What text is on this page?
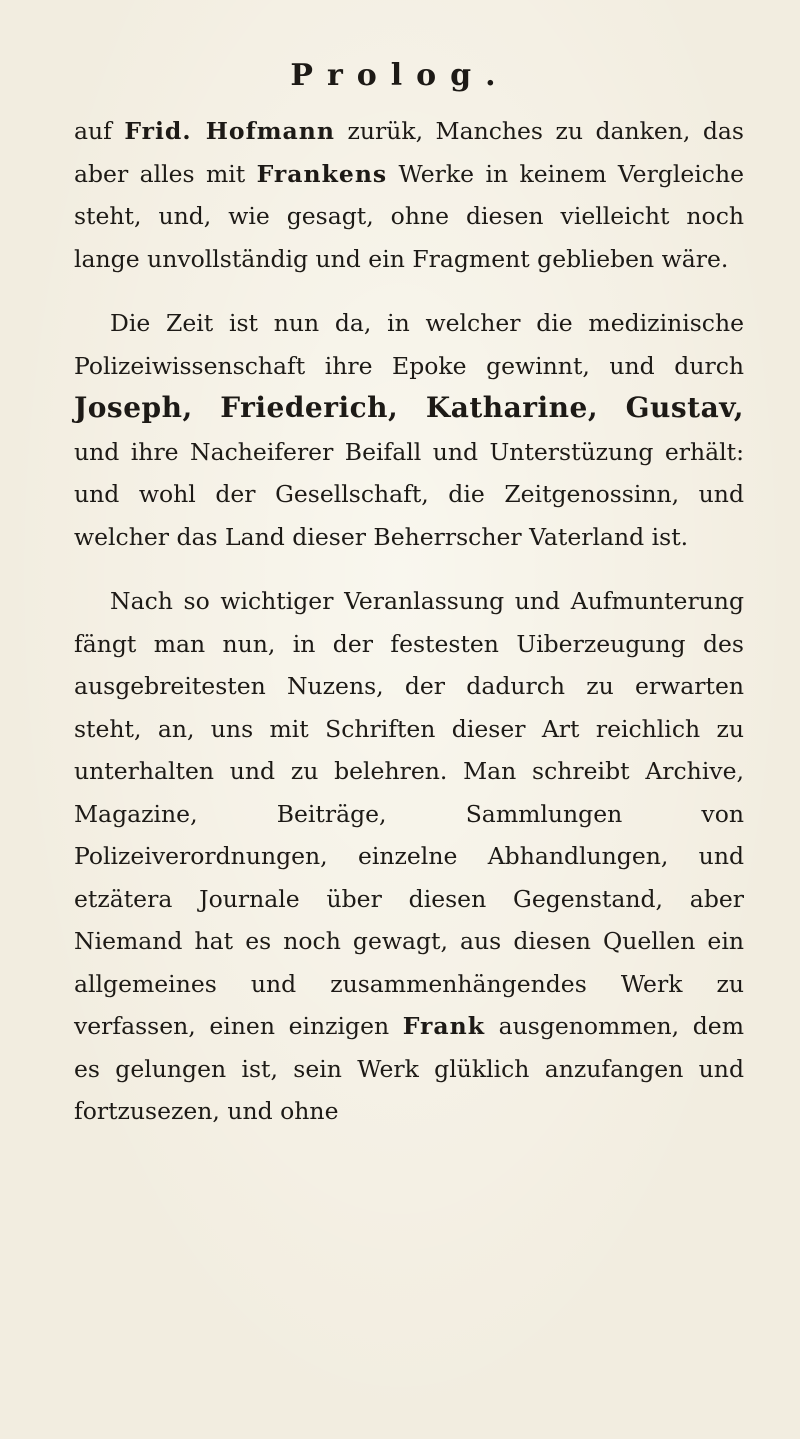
Prolog.

auf Frid. Hofmann zurük, Manches zu danken, das aber alles mit Frankens Werke in keinem Vergleiche steht, und, wie gesagt, ohne diesen vielleicht noch lange unvollständig und ein Fragment geblieben wäre.

Die Zeit ist nun da, in welcher die medizinische Polizeiwissenschaft ihre Epoke gewinnt, und durch Joseph, Friederich, Katharine, Gustav, und ihre Nacheiferer Beifall und Unterstüzung erhält: und wohl der Gesellschaft, die Zeitgenossinn, und welcher das Land dieser Beherrscher Vaterland ist.

Nach so wichtiger Veranlassung und Aufmunterung fängt man nun, in der festesten Uiberzeugung des ausgebreitesten Nuzens, der dadurch zu erwarten steht, an, uns mit Schriften dieser Art reichlich zu unterhalten und zu belehren. Man schreibt Archive, Magazine, Beiträge, Sammlungen von Polizeiverordnungen, einzelne Abhandlungen, und etzätera Journale über diesen Gegenstand, aber Niemand hat es noch gewagt, aus diesen Quellen ein allgemeines und zusammenhängendes Werk zu verfassen, einen einzigen Frank ausgenommen, dem es gelungen ist, sein Werk glüklich anzufangen und fortzusezen, und ohne
